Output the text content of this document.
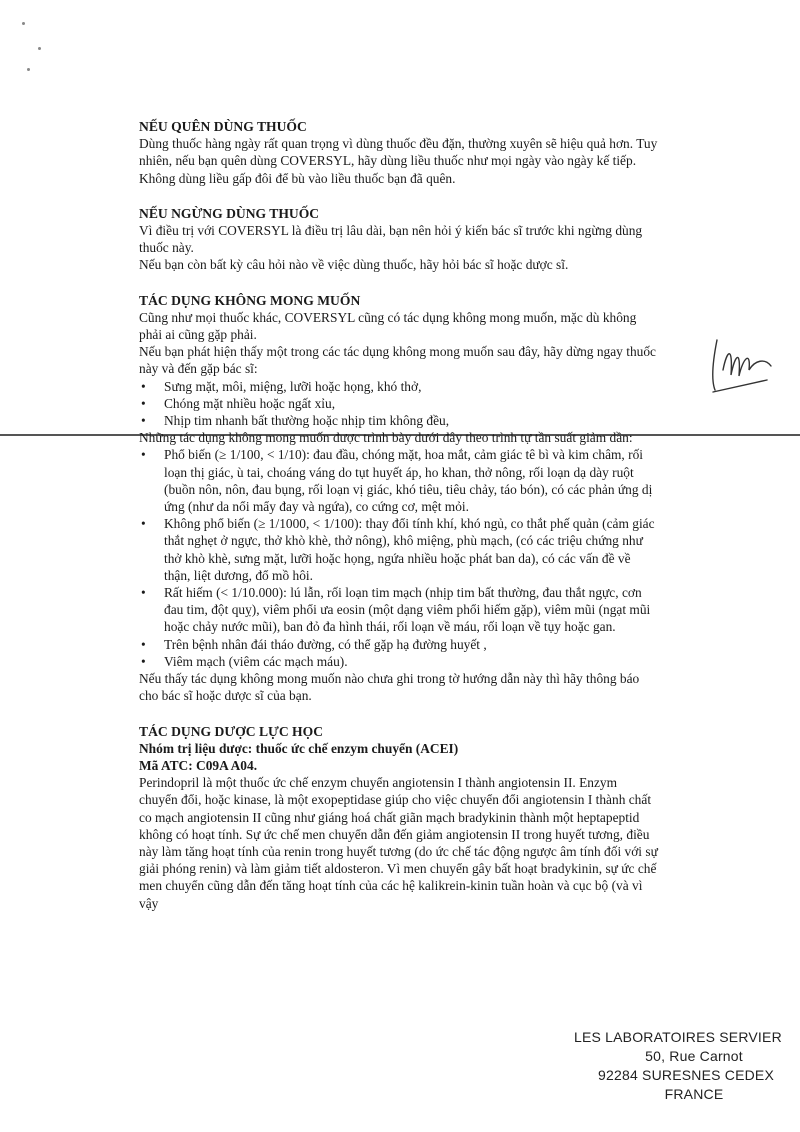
NẾU QUÊN DÙNG THUỐC

Dùng thuốc hàng ngày rất quan trọng vì dùng thuốc đều đặn, thường xuyên sẽ hiệu quả hơn. Tuy nhiên, nếu bạn quên dùng COVERSYL, hãy dùng liều thuốc như mọi ngày vào ngày kế tiếp.

Không dùng liều gấp đôi để bù vào liều thuốc bạn đã quên.

NẾU NGỪNG DÙNG THUỐC

Vì điều trị với COVERSYL là điều trị lâu dài, bạn nên hỏi ý kiến bác sĩ trước khi ngừng dùng thuốc này.

Nếu bạn còn bất kỳ câu hỏi nào về việc dùng thuốc, hãy hỏi bác sĩ hoặc dược sĩ.

TÁC DỤNG KHÔNG MONG MUỐN

Cũng như mọi thuốc khác, COVERSYL cũng có tác dụng không mong muốn, mặc dù không phải ai cũng gặp phải.

Nếu bạn phát hiện thấy một trong các tác dụng không mong muốn sau đây, hãy dừng ngay thuốc này và đến gặp bác sĩ:

• Sưng mặt, môi, miệng, lưỡi hoặc họng, khó thở,
• Chóng mặt nhiều hoặc ngất xỉu,
• Nhịp tim nhanh bất thường hoặc nhịp tim không đều,

Những tác dụng không mong muốn được trình bày dưới đây theo trình tự tần suất giảm dần:

• Phổ biến (≥ 1/100, < 1/10): đau đầu, chóng mặt, hoa mắt, cảm giác tê bì và kim châm, rối loạn thị giác, ù tai, choáng váng do tụt huyết áp, ho khan, thở nông, rối loạn dạ dày ruột (buồn nôn, nôn, đau bụng, rối loạn vị giác, khó tiêu, tiêu chảy, táo bón), có các phản ứng dị ứng (như da nổi mẩy đay và ngứa), co cứng cơ, mệt mỏi.
• Không phổ biến (≥ 1/1000, < 1/100): thay đổi tính khí, khó ngủ, co thắt phế quản (cảm giác thắt nghẹt ở ngực, thở khò khè, thở nông), khô miệng, phù mạch, (có các triệu chứng như thở khò khè, sưng mặt, lưỡi hoặc họng, ngứa nhiều hoặc phát ban da), có các vấn đề về thận, liệt dương, đổ mồ hôi.
• Rất hiếm (< 1/10.000): lú lẫn, rối loạn tim mạch (nhịp tim bất thường, đau thắt ngực, cơn đau tim, đột quỵ), viêm phổi ưa eosin (một dạng viêm phổi hiếm gặp), viêm mũi (ngạt mũi hoặc chảy nước mũi), ban đỏ đa hình thái, rối loạn về máu, rối loạn về tụy hoặc gan.
• Trên bệnh nhân đái tháo đường, có thể gặp hạ đường huyết ,
• Viêm mạch (viêm các mạch máu).

Nếu thấy tác dụng không mong muốn nào chưa ghi trong tờ hướng dẫn này thì hãy thông báo cho bác sĩ hoặc dược sĩ của bạn.

TÁC DỤNG DƯỢC LỰC HỌC

Nhóm trị liệu dược: thuốc ức chế enzym chuyển (ACEI)

Mã ATC: C09A A04.

Perindopril là một thuốc ức chế enzym chuyển angiotensin I thành angiotensin II. Enzym chuyển đổi, hoặc kinase, là một exopeptidase giúp cho việc chuyển đổi angiotensin I thành chất co mạch angiotensin II cũng như giáng hoá chất giãn mạch bradykinin thành một heptapeptid không có hoạt tính. Sự ức chế men chuyển dẫn đến giảm angiotensin II trong huyết tương, điều này làm tăng hoạt tính của renin trong huyết tương (do ức chế tác động ngược âm tính đối với sự giải phóng renin) và làm giảm tiết aldosteron. Vì men chuyển gây bất hoạt bradykinin, sự ức chế men chuyển cũng dẫn đến tăng hoạt tính của các hệ kalikrein-kinin tuần hoàn và cục bộ (và vì vậy

LES LABORATOIRES SERVIER
50, Rue Carnot
92284 SURESNES CEDEX
FRANCE
